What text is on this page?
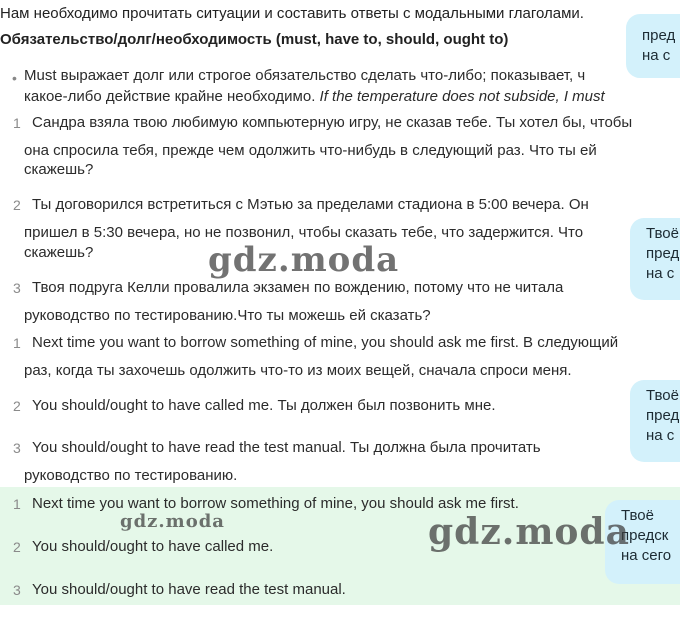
Нам необходимо прочитать ситуации и составить ответы с модальными глаголами.
Обязательство/долг/необходимость (must, have to, should, ought to)
• Must выражает долг или строгое обязательство сделать что-либо; показывает, ч
какое-либо действие крайне необходимо. If the temperature does not subside, I must
1 Сандра взяла твою любимую компьютерную игру, не сказав тебе. Ты хотел бы, чтобы
она спросила тебя, прежде чем одолжить что-нибудь в следующий раз. Что ты ей
скажешь?
2 Ты договорился встретиться с Мэтью за пределами стадиона в 5:00 вечера. Он
пришел в 5:30 вечера, но не позвонил, чтобы сказать тебе, что задержится. Что
скажешь?
3 Твоя подруга Келли провалила экзамен по вождению, потому что не читала
руководство по тестированию.Что ты можешь ей сказать?
1 Next time you want to borrow something of mine, you should ask me first. В следующий
раз, когда ты захочешь одолжить что-то из моих вещей, сначала спроси меня.
2 You should/ought to have called me. Ты должен был позвонить мне.
3 You should/ought to have read the test manual. Ты должна была прочитать
руководство по тестированию.
1 Next time you want to borrow something of mine, you should ask me first.
2 You should/ought to have called me.
3 You should/ought to have read the test manual.
пред
на с
Твоё
пред
на с
Твоё
пред
на с
Твоё
предск
на сего
gdz.moda
gdz.moda	gdz.moda
